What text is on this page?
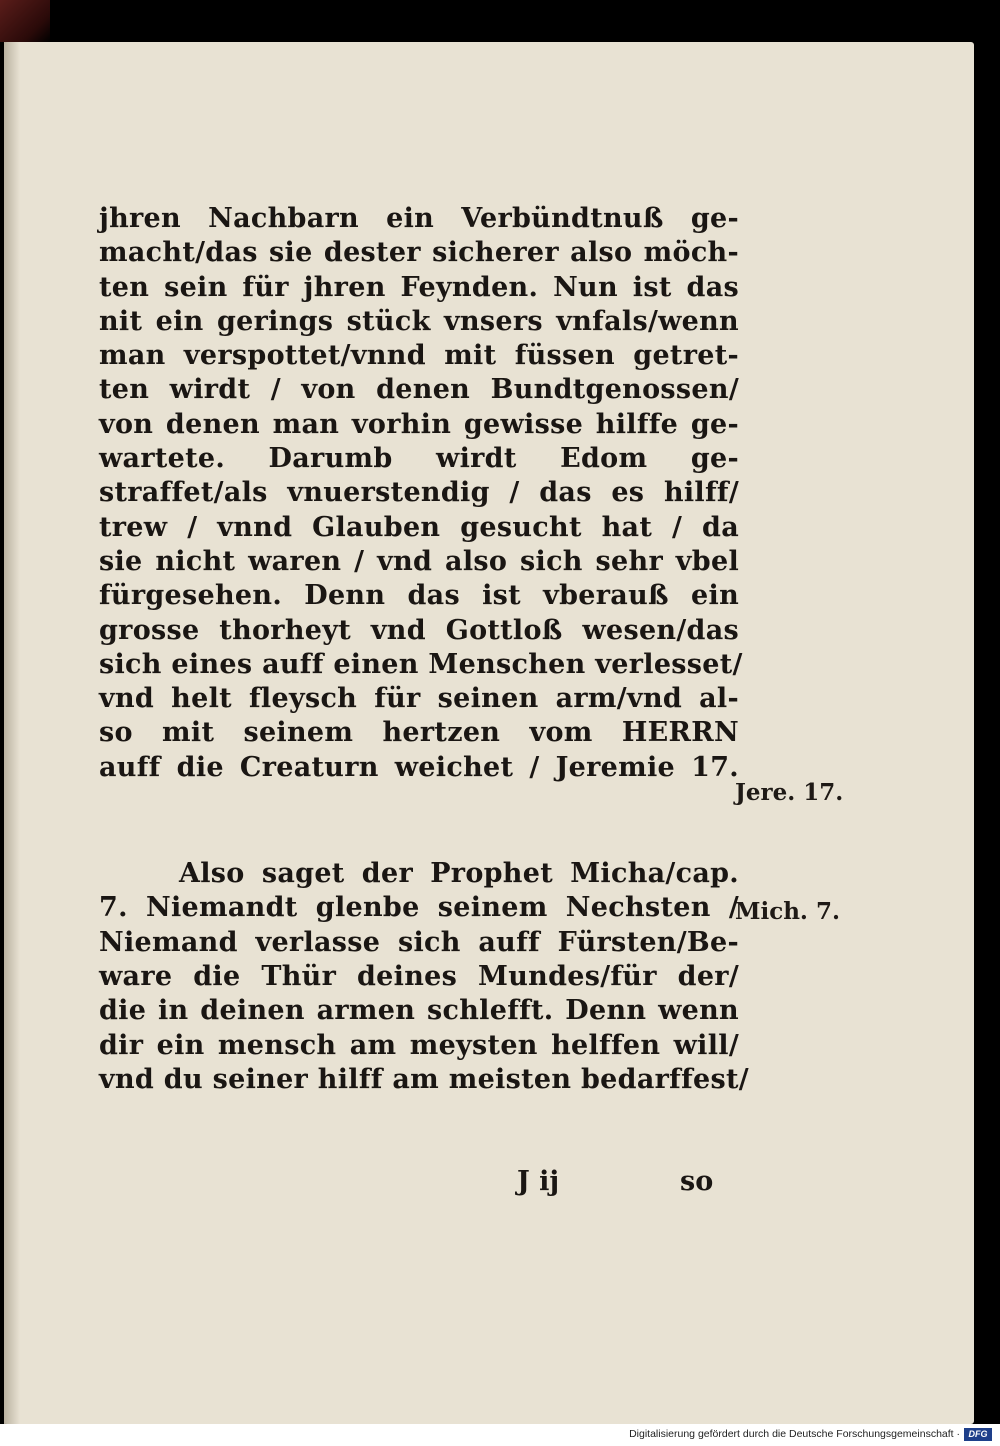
jhren Nachbarn ein Verbündtnuß ge-
macht/das sie dester sicherer also möch-
ten sein für jhren Feynden. Nun ist das
nit ein gerings stück vnsers vnfals/wenn
man verspottet/vnnd mit füssen getret-
ten wirdt / von denen Bundtgenossen/
von denen man vorhin gewisse hilffe ge-
wartete. Darumb wirdt Edom ge-
straffet/als vnuerstendig / das es hilff/
trew / vnnd Glauben gesucht hat / da
sie nicht waren / vnd also sich sehr vbel
fürgesehen. Denn das ist vberauß ein
grosse thorheyt vnd Gottloß wesen/das
sich eines auff einen Menschen verlesset/
vnd helt fleysch für seinen arm/vnd al-
so mit seinem hertzen vom HERRN
auff die Creaturn weichet / Jeremie 17.
Also saget der Prophet Micha/cap.
7. Niemandt glenbe seinem Nechsten /
Niemand verlasse sich auff Fürsten/Be-
ware die Thür deines Mundes/für der/
die in deinen armen schlefft. Denn wenn
dir ein mensch am meysten helffen will/
vnd du seiner hilff am meisten bedarffest/
Jere. 17.
Mich. 7.
J ij	so
Digitalisierung gefördert durch die Deutsche Forschungsgemeinschaft · DFG
